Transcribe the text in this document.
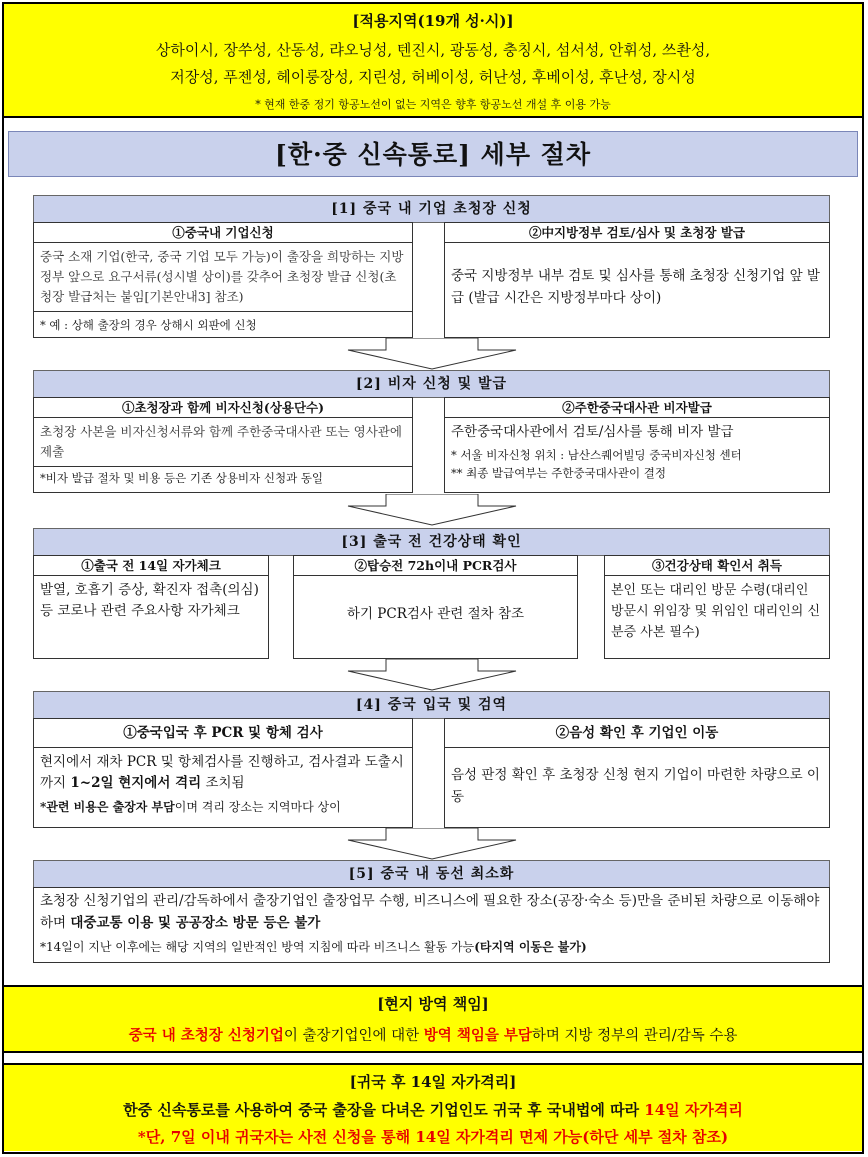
[적용지역(19개 성·시)]
상하이시, 장쑤성, 산동성, 랴오닝성, 텐진시, 광동성, 충칭시, 섬서성, 안휘성, 쓰촨성,
저장성, 푸젠성, 헤이룽장성, 지린성, 허베이성, 허난성, 후베이성, 후난성, 장시성
* 현재 한중 정기 항공노선이 없는 지역은 향후 항공노선 개설 후 이용 가능
[한·중 신속통로] 세부 절차
[1] 중국 내 기업 초청장 신청
①중국내 기업신청
중국 소재 기업(한국, 중국 기업 모두 가능)이 출장을 희망하는 지방정부 앞으로 요구서류(성시별 상이)를 갖추어 초청장 발급 신청(초청장 발급처는 붙임[기본안내3] 참조)
* 예 : 상해 출장의 경우 상해시 외판에 신청
②中지방정부 검토/심사 및 초청장 발급
중국 지방정부 내부 검토 및 심사를 통해 초청장 신청기업 앞 발급 (발급 시간은 지방정부마다 상이)
[2] 비자 신청 및 발급
①초청장과 함께 비자신청(상용단수)
초청장 사본을 비자신청서류와 함께 주한중국대사관 또는 영사관에 제출
*비자 발급 절차 및 비용 등은 기존 상용비자 신청과 동일
②주한중국대사관 비자발급
주한중국대사관에서 검토/심사를 통해 비자 발급
* 서울 비자신청 위치 : 남산스퀘어빌딩 중국비자신청 센터
** 최종 발급여부는 주한중국대사관이 결정
[3] 출국 전 건강상태 확인
①출국 전 14일 자가체크
발열, 호흡기 증상, 확진자 접촉(의심) 등 코로나 관련 주요사항 자가체크
②탑승전 72h이내 PCR검사
하기 PCR검사 관련 절차 참조
③건강상태 확인서 취득
본인 또는 대리인 방문 수령(대리인 방문시 위임장 및 위임인 대리인의 신분증 사본 필수)
[4] 중국 입국 및 검역
①중국입국 후 PCR 및 항체 검사
현지에서 재차 PCR 및 항체검사를 진행하고, 검사결과 도출시까지 1~2일 현지에서 격리 조치됨
*관련 비용은 출장자 부담이며 격리 장소는 지역마다 상이
②음성 확인 후 기업인 이동
음성 판정 확인 후 초청장 신청 현지 기업이 마련한 차량으로 이동
[5] 중국 내 동선 최소화
초청장 신청기업의 관리/감독하에서 출장기업인 출장업무 수행, 비즈니스에 필요한 장소(공장·숙소 등)만을 준비된 차량으로 이동해야하며 대중교통 이용 및 공공장소 방문 등은 불가
*14일이 지난 이후에는 해당 지역의 일반적인 방역 지침에 따라 비즈니스 활동 가능(타지역 이동은 불가)
[현지 방역 책임]
중국 내 초청장 신청기업이 출장기업인에 대한 방역 책임을 부담하며 지방 정부의 관리/감독 수용
[귀국 후 14일 자가격리]
한중 신속통로를 사용하여 중국 출장을 다녀온 기업인도 귀국 후 국내법에 따라 14일 자가격리
*단, 7일 이내 귀국자는 사전 신청을 통해 14일 자가격리 면제 가능(하단 세부 절차 참조)
